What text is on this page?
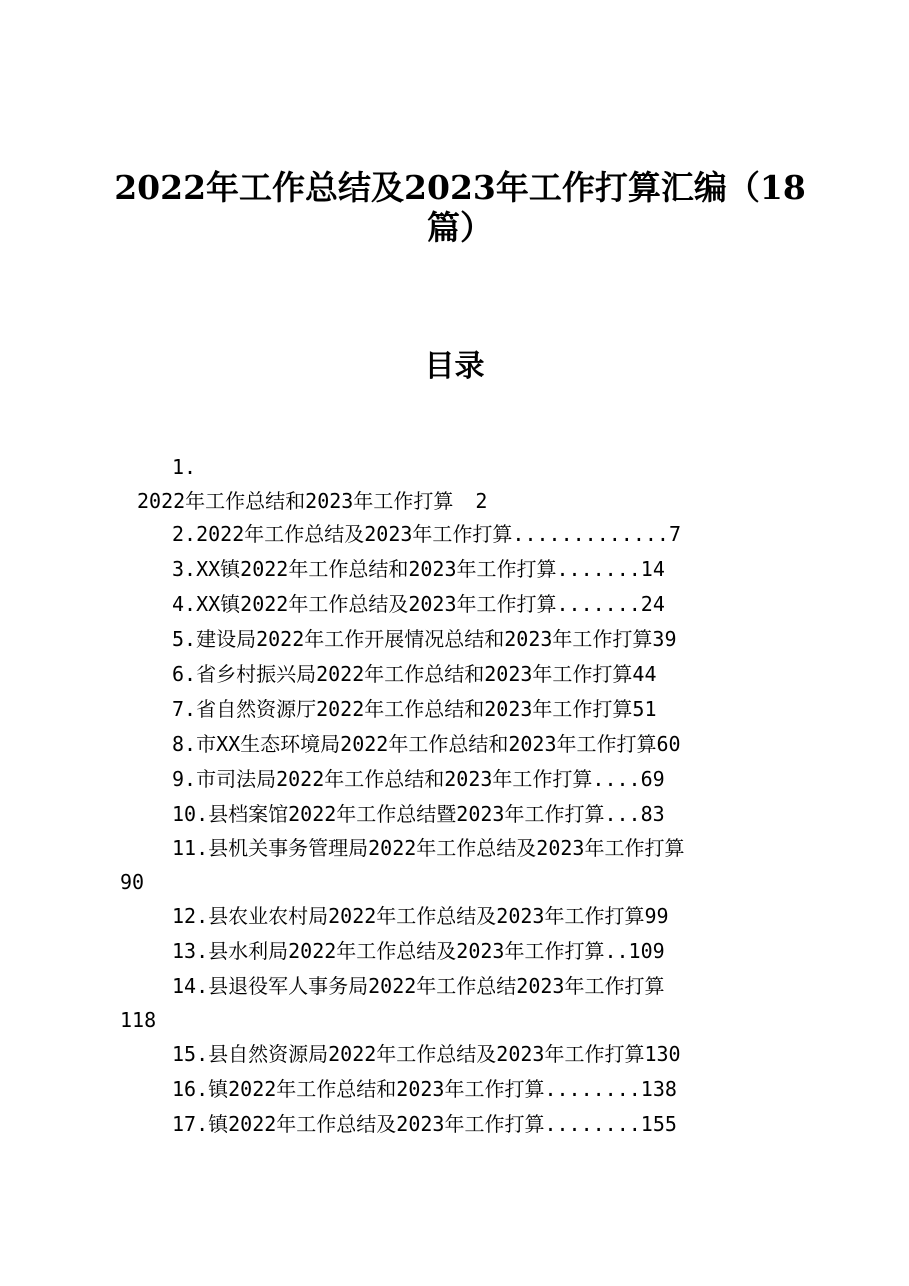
2022年工作总结及2023年工作打算汇编（18
篇）
目录

1.

2022年工作总结和2023年工作打算 2

2.2022年工作总结及2023年工作打算.............7

3.XX镇2022年工作总结和2023年工作打算.......14

4.XX镇2022年工作总结及2023年工作打算.......24

5.建设局2022年工作开展情况总结和2023年工作打算39

6.省乡村振兴局2022年工作总结和2023年工作打算44

7.省自然资源厅2022年工作总结和2023年工作打算51

8.市XX生态环境局2022年工作总结和2023年工作打算60

9.市司法局2022年工作总结和2023年工作打算....69

10.县档案馆2022年工作总结暨2023年工作打算...83

11.县机关事务管理局2022年工作总结及2023年工作打算

90

12.县农业农村局2022年工作总结及2023年工作打算99

13.县水利局2022年工作总结及2023年工作打算..109

14.县退役军人事务局2022年工作总结2023年工作打算

118

15.县自然资源局2022年工作总结及2023年工作打算130

16.镇2022年工作总结和2023年工作打算........138

17.镇2022年工作总结及2023年工作打算........155
